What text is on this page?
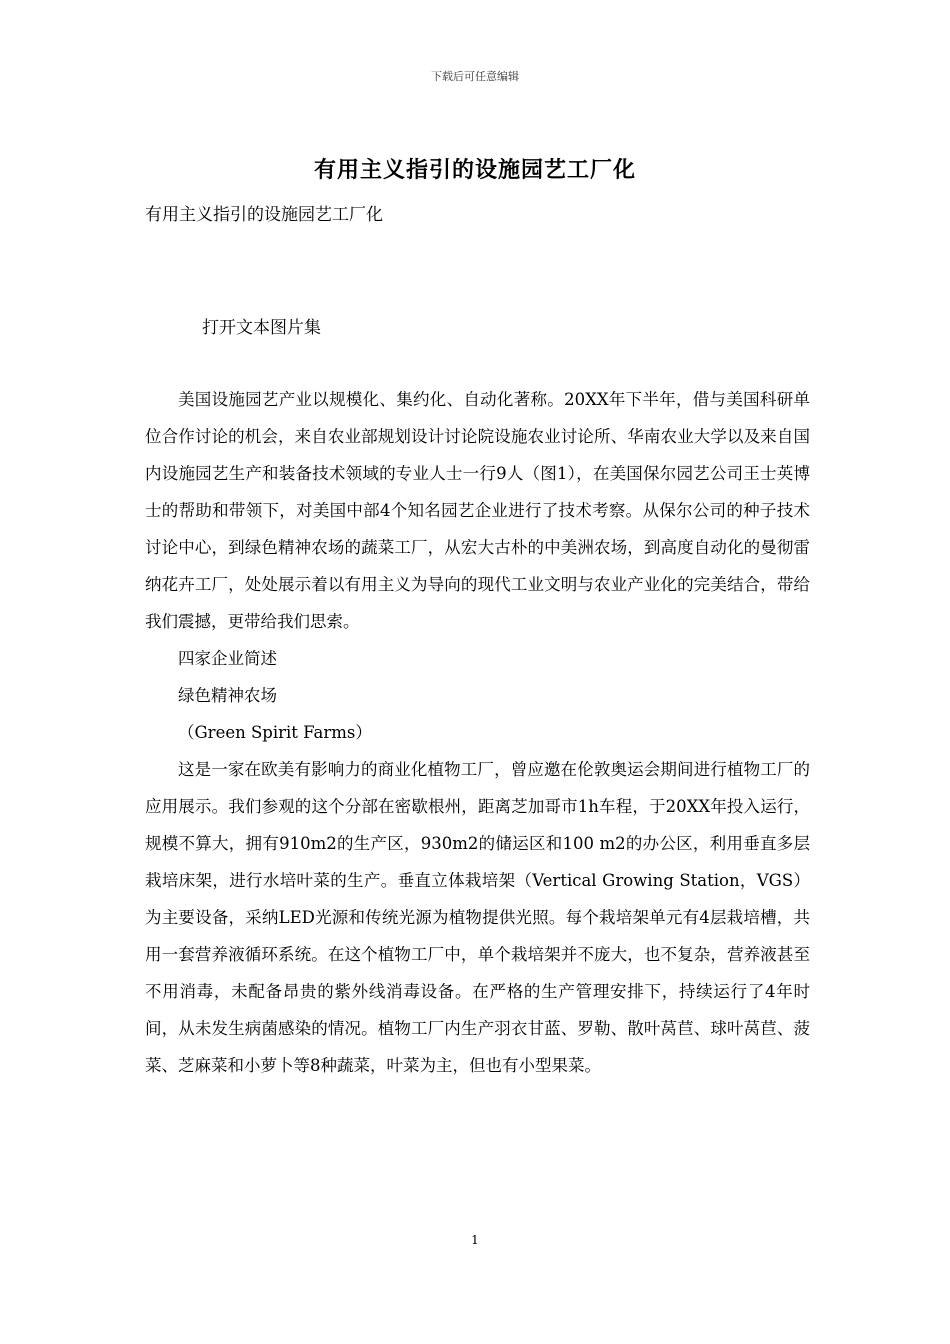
下载后可任意编辑
有用主义指引的设施园艺工厂化
有用主义指引的设施园艺工厂化
打开文本图片集

美国设施园艺产业以规模化、集约化、自动化著称。20XX年下半年，借与美国科研单位合作讨论的机会，来自农业部规划设计讨论院设施农业讨论所、华南农业大学以及来自国内设施园艺生产和装备技术领域的专业人士一行9人（图1），在美国保尔园艺公司王士英博士的帮助和带领下，对美国中部4个知名园艺企业进行了技术考察。从保尔公司的种子技术讨论中心，到绿色精神农场的蔬菜工厂，从宏大古朴的中美洲农场，到高度自动化的曼彻雷纳花卉工厂，处处展示着以有用主义为导向的现代工业文明与农业产业化的完美结合，带给我们震撼，更带给我们思索。

四家企业简述

绿色精神农场

（Green Spirit Farms）

这是一家在欧美有影响力的商业化植物工厂，曾应邀在伦敦奥运会期间进行植物工厂的应用展示。我们参观的这个分部在密歇根州，距离芝加哥市1h车程，于20XX年投入运行，规模不算大，拥有910m2的生产区，930m2的储运区和100 m2的办公区，利用垂直多层栽培床架，进行水培叶菜的生产。垂直立体栽培架（Vertical Growing Station，VGS）为主要设备，采纳LED光源和传统光源为植物提供光照。每个栽培架单元有4层栽培槽，共用一套营养液循环系统。在这个植物工厂中，单个栽培架并不庞大，也不复杂，营养液甚至不用消毒，未配备昂贵的紫外线消毒设备。在严格的生产管理安排下，持续运行了4年时间，从未发生病菌感染的情况。植物工厂内生产羽衣甘蓝、罗勒、散叶莴苣、球叶莴苣、菠菜、芝麻菜和小萝卜等8种蔬菜，叶菜为主，但也有小型果菜。

1
